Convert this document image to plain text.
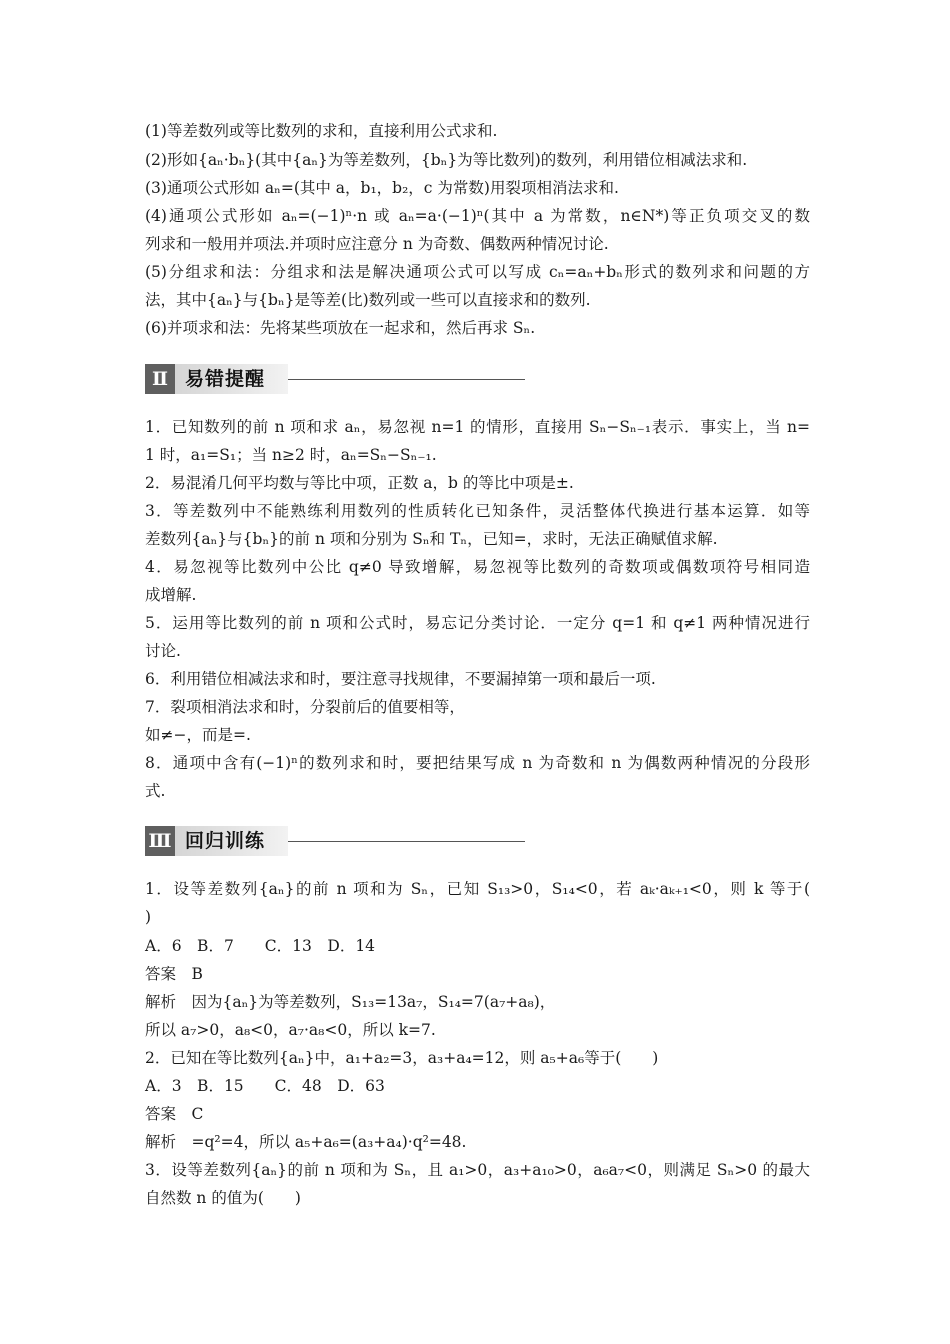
(1)等差数列或等比数列的求和，直接利用公式求和.
(2)形如{aₙ·bₙ}(其中{aₙ}为等差数列，{bₙ}为等比数列)的数列，利用错位相减法求和.
(3)通项公式形如 aₙ=(其中 a，b₁，b₂，c 为常数)用裂项相消法求和.
(4)通项公式形如 aₙ=(−1)ⁿ·n 或 aₙ=a·(−1)ⁿ(其中 a 为常数，n∈N*)等正负项交叉的数
列求和一般用并项法.并项时应注意分 n 为奇数、偶数两种情况讨论.
(5)分组求和法：分组求和法是解决通项公式可以写成 cₙ=aₙ+bₙ形式的数列求和问题的方
法，其中{aₙ}与{bₙ}是等差(比)数列或一些可以直接求和的数列.
(6)并项求和法：先将某些项放在一起求和，然后再求 Sₙ.
Ⅱ 易错提醒
1．已知数列的前 n 项和求 aₙ，易忽视 n=1 的情形，直接用 Sₙ−Sₙ₋₁表示．事实上，当 n=
1 时，a₁=S₁；当 n≥2 时，aₙ=Sₙ−Sₙ₋₁.
2．易混淆几何平均数与等比中项，正数 a，b 的等比中项是±.
3．等差数列中不能熟练利用数列的性质转化已知条件，灵活整体代换进行基本运算．如等
差数列{aₙ}与{bₙ}的前 n 项和分别为 Sₙ和 Tₙ，已知=，求时，无法正确赋值求解.
4．易忽视等比数列中公比 q≠0 导致增解，易忽视等比数列的奇数项或偶数项符号相同造
成增解.
5．运用等比数列的前 n 项和公式时，易忘记分类讨论．一定分 q=1 和 q≠1 两种情况进行
讨论.
6．利用错位相减法求和时，要注意寻找规律，不要漏掉第一项和最后一项.
7．裂项相消法求和时，分裂前后的值要相等，
如≠−，而是=.
8．通项中含有(−1)ⁿ的数列求和时，要把结果写成 n 为奇数和 n 为偶数两种情况的分段形
式.
Ⅲ 回归训练
1．设等差数列{aₙ}的前 n 项和为 Sₙ，已知 S₁₃>0，S₁₄<0，若 aₖ·aₖ₊₁<0，则 k 等于(
)
A．6　B．7　　C．13　D．14
答案　B
解析　因为{aₙ}为等差数列，S₁₃=13a₇，S₁₄=7(a₇+a₈)，
所以 a₇>0，a₈<0，a₇·a₈<0，所以 k=7.
2．已知在等比数列{aₙ}中，a₁+a₂=3，a₃+a₄=12，则 a₅+a₆等于(　　)
A．3　B．15　　C．48　D．63
答案　C
解析　=q²=4，所以 a₅+a₆=(a₃+a₄)·q²=48.
3．设等差数列{aₙ}的前 n 项和为 Sₙ，且 a₁>0，a₃+a₁₀>0，a₆a₇<0，则满足 Sₙ>0 的最大
自然数 n 的值为(　　)
